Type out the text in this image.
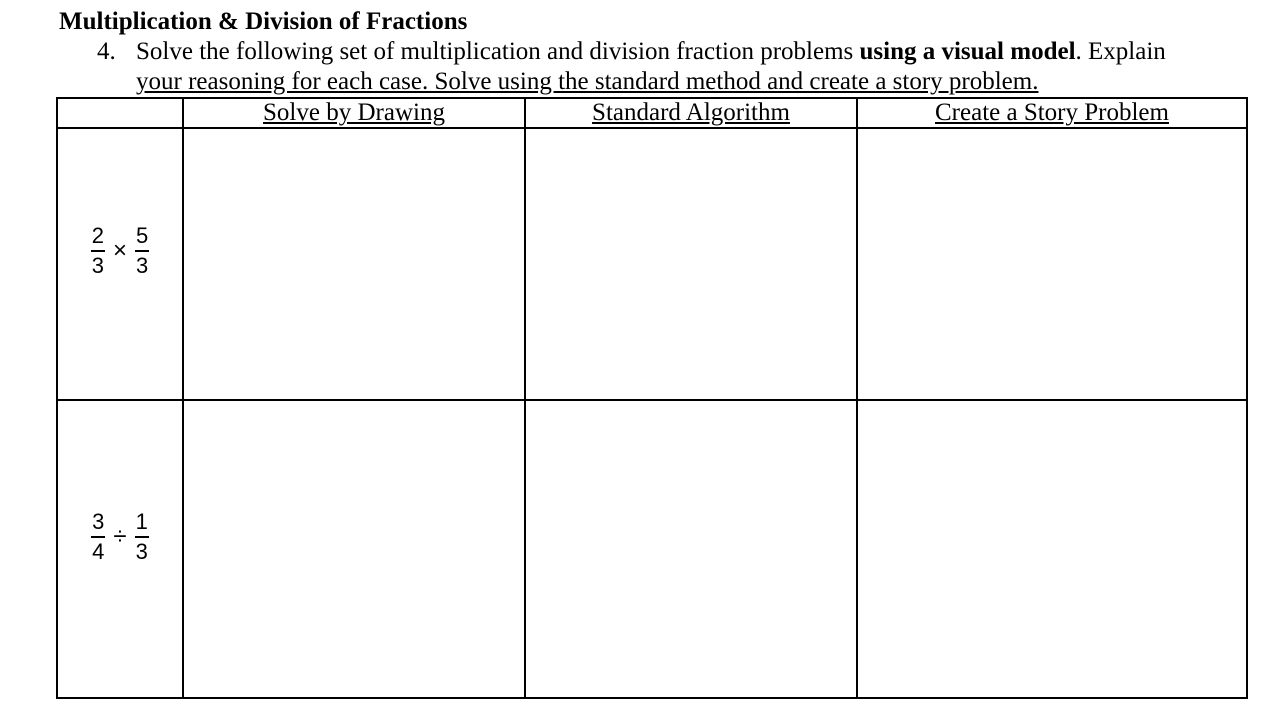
Multiplication & Division of Fractions
4. Solve the following set of multiplication and division fraction problems using a visual model. Explain
your reasoning for each case. Solve using the standard method and create a story problem.
	Solve by Drawing	Standard Algorithm	Create a Story Problem

$\frac{2}{3} \times \frac{5}{3}$

$\frac{3}{4} \div \frac{1}{3}$
